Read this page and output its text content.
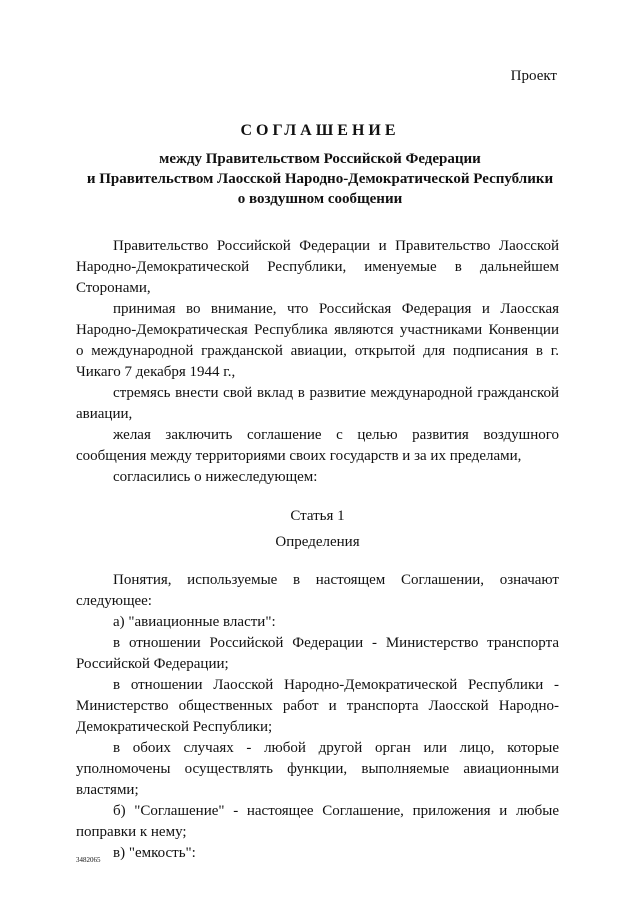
Проект
СОГЛАШЕНИЕ
между Правительством Российской Федерации
и Правительством Лаосской Народно-Демократической Республики
о воздушном сообщении

Правительство Российской Федерации и Правительство Лаосской Народно-Демократической Республики, именуемые в дальнейшем Сторонами,

принимая во внимание, что Российская Федерация и Лаосская Народно-Демократическая Республика являются участниками Конвенции о международной гражданской авиации, открытой для подписания в г. Чикаго 7 декабря 1944 г.,

стремясь внести свой вклад в развитие международной гражданской авиации,

желая заключить соглашение с целью развития воздушного сообщения между территориями своих государств и за их пределами,

согласились о нижеследующем:

Статья 1

Определения

Понятия, используемые в настоящем Соглашении, означают следующее:

а) "авиационные власти":

в отношении Российской Федерации - Министерство транспорта Российской Федерации;

в отношении Лаосской Народно-Демократической Республики - Министерство общественных работ и транспорта Лаосской Народно-Демократической Республики;

в обоих случаях - любой другой орган или лицо, которые уполномочены осуществлять функции, выполняемые авиационными властями;

б) "Соглашение" - настоящее Соглашение, приложения и любые поправки к нему;

в) "емкость":

3482065
